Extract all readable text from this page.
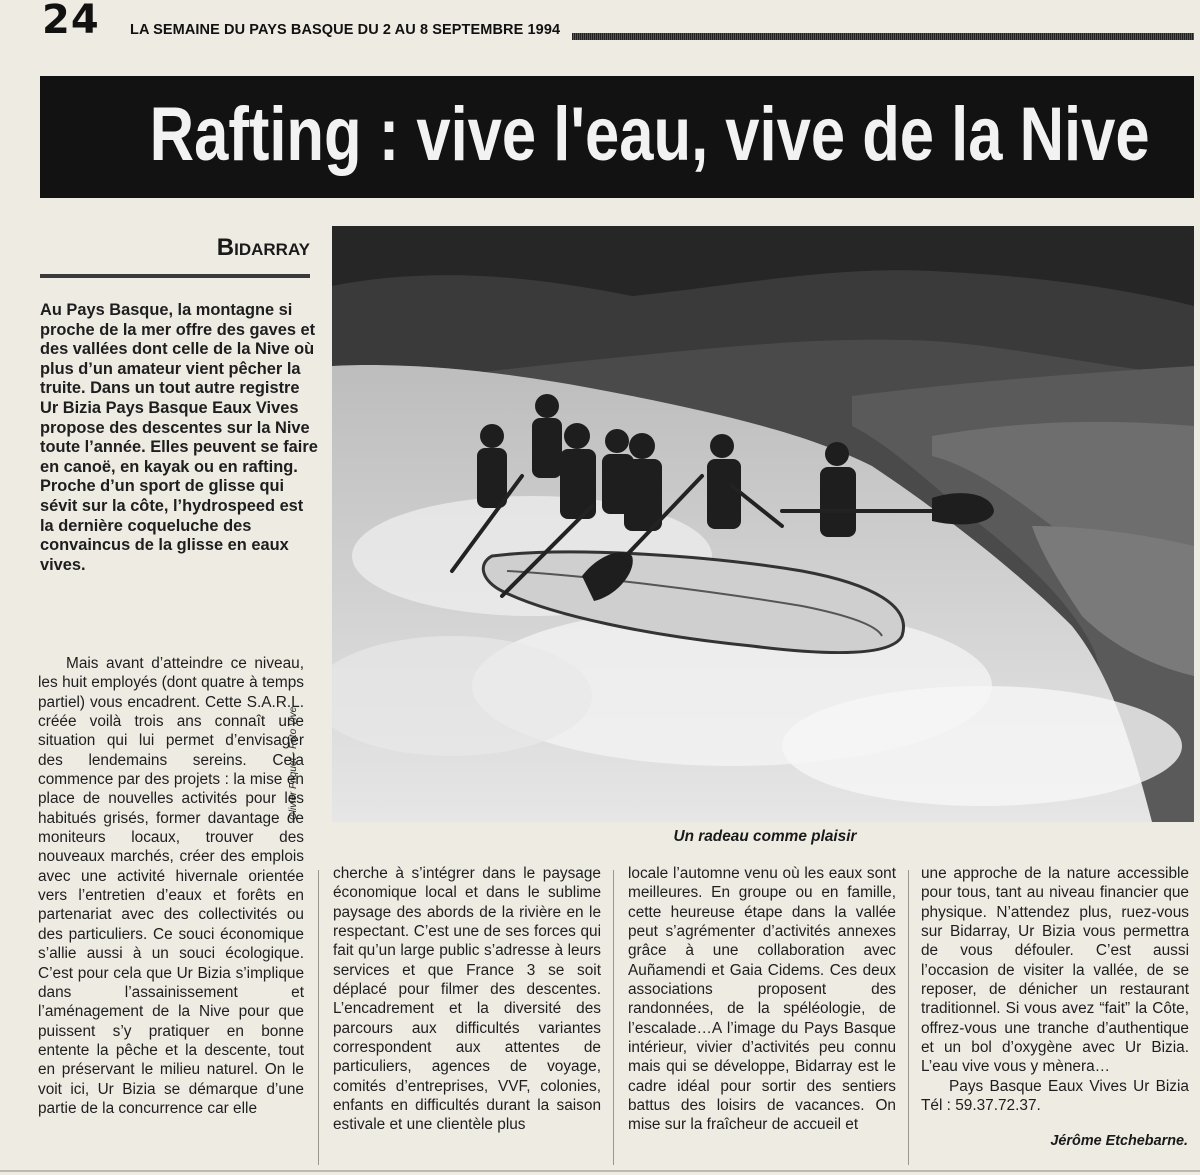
24 LA SEMAINE DU PAYS BASQUE DU 2 AU 8 SEPTEMBRE 1994
Rafting : vive l'eau, vive de la Nive
BIDARRAY
Au Pays Basque, la montagne si proche de la mer offre des gaves et des vallées dont celle de la Nive où plus d’un amateur vient pêcher la truite. Dans un tout autre registre Ur Bizia Pays Basque Eaux Vives propose des descentes sur la Nive toute l’année. Elles peuvent se faire en canoë, en kayak ou en rafting. Proche d’un sport de glisse qui sévit sur la côte, l’hydrospeed est la dernière coqueluche des convaincus de la glisse en eaux vives.
Olivier Friquet - Foto Vive
Un radeau comme plaisir

Mais avant d’atteindre ce niveau, les huit employés (dont quatre à temps partiel) vous encadrent. Cette S.A.R.L. créée voilà trois ans connaît une situation qui lui permet d’envisager des lendemains sereins. Cela commence par des projets : la mise en place de nouvelles activités pour les habitués grisés, former davantage de moniteurs locaux, trouver des nouveaux marchés, créer des emplois avec une activité hivernale orientée vers l’entretien d’eaux et forêts en partenariat avec des collectivités ou des particuliers. Ce souci économique s’allie aussi à un souci écologique. C’est pour cela que Ur Bizia s’implique dans l’assainissement et l’aménagement de la Nive pour que puissent s’y pratiquer en bonne entente la pêche et la descente, tout en préservant le milieu naturel. On le voit ici, Ur Bizia se démarque d’une partie de la concurrence car elle

cherche à s’intégrer dans le paysage économique local et dans le sublime paysage des abords de la rivière en le respectant. C’est une de ses forces qui fait qu’un large public s’adresse à leurs services et que France 3 se soit déplacé pour filmer des descentes. L’encadrement et la diversité des parcours aux difficultés variantes correspondent aux attentes de particuliers, agences de voyage, comités d’entreprises, VVF, colonies, enfants en difficultés durant la saison estivale et une clientèle plus

locale l’automne venu où les eaux sont meilleures. En groupe ou en famille, cette heureuse étape dans la vallée peut s’agrémenter d’activités annexes grâce à une collaboration avec Auñamendi et Gaia Cidems. Ces deux associations proposent des randonnées, de la spéléologie, de l’escalade…A l’image du Pays Basque intérieur, vivier d’activités peu connu mais qui se développe, Bidarray est le cadre idéal pour sortir des sentiers battus des loisirs de vacances. On mise sur la fraîcheur de accueil et

une approche de la nature accessible pour tous, tant au niveau financier que physique. N’attendez plus, ruez-vous sur Bidarray, Ur Bizia vous permettra de vous défouler. C’est aussi l’occasion de visiter la vallée, de se reposer, de dénicher un restaurant traditionnel. Si vous avez “fait” la Côte, offrez-vous une tranche d’authentique et un bol d’oxygène avec Ur Bizia. L’eau vive vous y mènera…

Pays Basque Eaux Vives Ur Bizia Tél : 59.37.72.37.

Jérôme Etchebarne.
